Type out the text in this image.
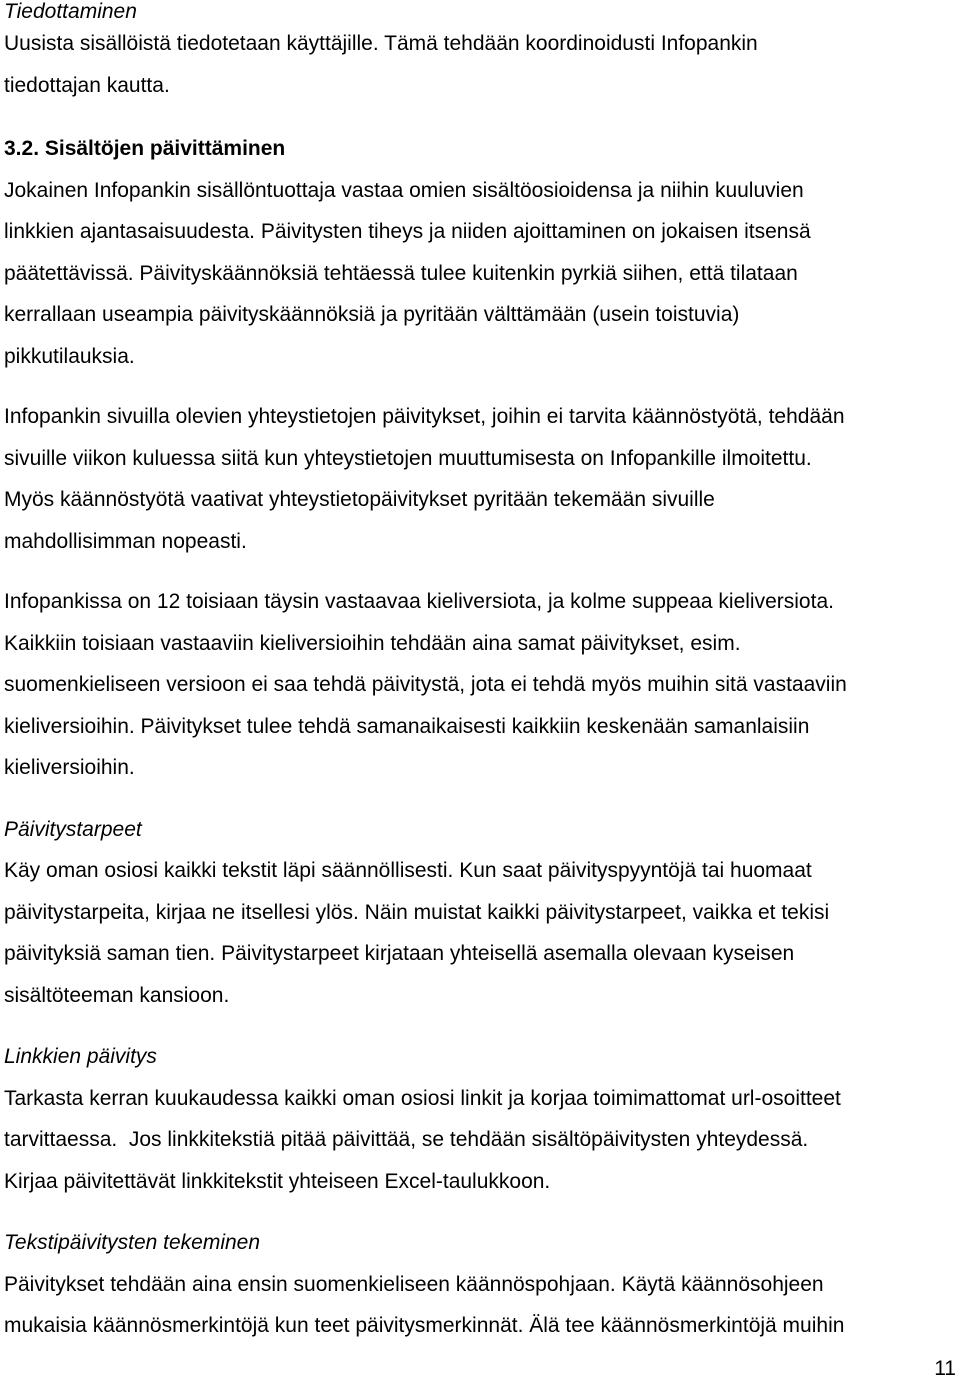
Tiedottaminen
Uusista sisällöistä tiedotetaan käyttäjille. Tämä tehdään koordinoidusti Infopankin
tiedottajan kautta.
3.2. Sisältöjen päivittäminen
Jokainen Infopankin sisällöntuottaja vastaa omien sisältöosioidensa ja niihin kuuluvien
linkkien ajantasaisuudesta. Päivitysten tiheys ja niiden ajoittaminen on jokaisen itsensä
päätettävissä. Päivityskäännöksiä tehtäessä tulee kuitenkin pyrkiä siihen, että tilataan
kerrallaan useampia päivityskäännöksiä ja pyritään välttämään (usein toistuvia)
pikkutilauksia.
Infopankin sivuilla olevien yhteystietojen päivitykset, joihin ei tarvita käännöstyötä, tehdään
sivuille viikon kuluessa siitä kun yhteystietojen muuttumisesta on Infopankille ilmoitettu.
Myös käännöstyötä vaativat yhteystietopäivitykset pyritään tekemään sivuille
mahdollisimman nopeasti.
Infopankissa on 12 toisiaan täysin vastaavaa kieliversiota, ja kolme suppeaa kieliversiota.
Kaikkiin toisiaan vastaaviin kieliversioihin tehdään aina samat päivitykset, esim.
suomenkieliseen versioon ei saa tehdä päivitystä, jota ei tehdä myös muihin sitä vastaaviin
kieliversioihin. Päivitykset tulee tehdä samanaikaisesti kaikkiin keskenään samanlaisiin
kieliversioihin.
Päivitystarpeet
Käy oman osiosi kaikki tekstit läpi säännöllisesti. Kun saat päivityspyyntöjä tai huomaat
päivitystarpeita, kirjaa ne itsellesi ylös. Näin muistat kaikki päivitystarpeet, vaikka et tekisi
päivityksiä saman tien. Päivitystarpeet kirjataan yhteisellä asemalla olevaan kyseisen
sisältöteeman kansioon.
Linkkien päivitys
Tarkasta kerran kuukaudessa kaikki oman osiosi linkit ja korjaa toimimattomat url-osoitteet
tarvittaessa.  Jos linkkitekstiä pitää päivittää, se tehdään sisältöpäivitysten yhteydessä.
Kirjaa päivitettävät linkkitekstit yhteiseen Excel-taulukkoon.
Tekstipäivitysten tekeminen
Päivitykset tehdään aina ensin suomenkieliseen käännöspohjaan. Käytä käännösohjeen
mukaisia käännösmerkintöjä kun teet päivitysmerkinnät. Älä tee käännösmerkintöjä muihin
11
